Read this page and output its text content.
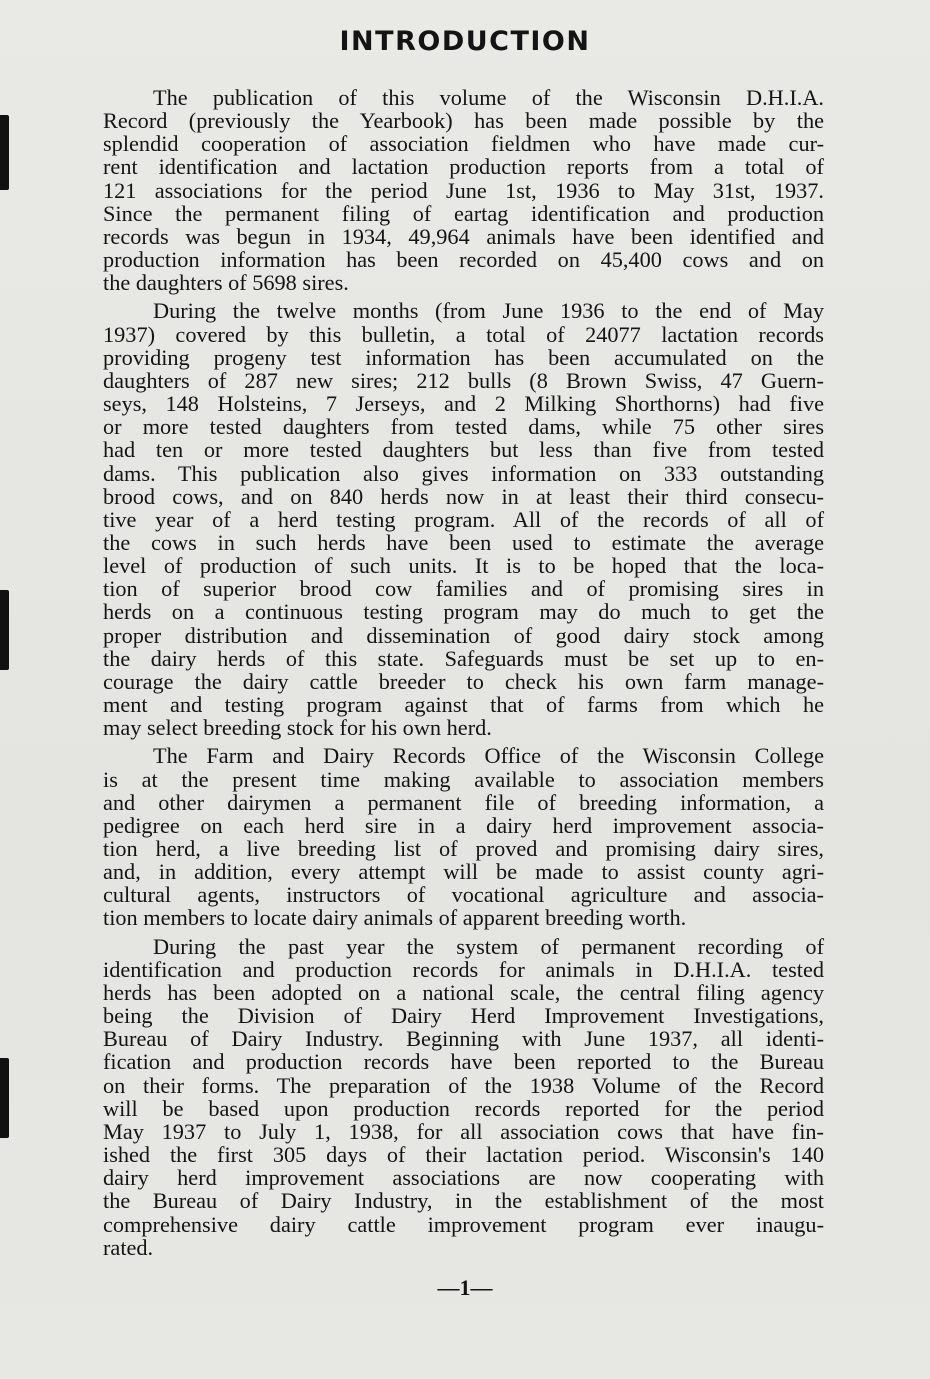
INTRODUCTION
The publication of this volume of the Wisconsin D.H.I.A.
Record (previously the Yearbook) has been made possible by the
splendid cooperation of association fieldmen who have made cur-
rent identification and lactation production reports from a total of
121 associations for the period June 1st, 1936 to May 31st, 1937.
Since the permanent filing of eartag identification and production
records was begun in 1934, 49,964 animals have been identified and
production information has been recorded on 45,400 cows and on
the daughters of 5698 sires.
During the twelve months (from June 1936 to the end of May
1937) covered by this bulletin, a total of 24077 lactation records
providing progeny test information has been accumulated on the
daughters of 287 new sires; 212 bulls (8 Brown Swiss, 47 Guern-
seys, 148 Holsteins, 7 Jerseys, and 2 Milking Shorthorns) had five
or more tested daughters from tested dams, while 75 other sires
had ten or more tested daughters but less than five from tested
dams. This publication also gives information on 333 outstanding
brood cows, and on 840 herds now in at least their third consecu-
tive year of a herd testing program. All of the records of all of
the cows in such herds have been used to estimate the average
level of production of such units. It is to be hoped that the loca-
tion of superior brood cow families and of promising sires in
herds on a continuous testing program may do much to get the
proper distribution and dissemination of good dairy stock among
the dairy herds of this state. Safeguards must be set up to en-
courage the dairy cattle breeder to check his own farm manage-
ment and testing program against that of farms from which he
may select breeding stock for his own herd.
The Farm and Dairy Records Office of the Wisconsin College
is at the present time making available to association members
and other dairymen a permanent file of breeding information, a
pedigree on each herd sire in a dairy herd improvement associa-
tion herd, a live breeding list of proved and promising dairy sires,
and, in addition, every attempt will be made to assist county agri-
cultural agents, instructors of vocational agriculture and associa-
tion members to locate dairy animals of apparent breeding worth.
During the past year the system of permanent recording of
identification and production records for animals in D.H.I.A. tested
herds has been adopted on a national scale, the central filing agency
being the Division of Dairy Herd Improvement Investigations,
Bureau of Dairy Industry. Beginning with June 1937, all identi-
fication and production records have been reported to the Bureau
on their forms. The preparation of the 1938 Volume of the Record
will be based upon production records reported for the period
May 1937 to July 1, 1938, for all association cows that have fin-
ished the first 305 days of their lactation period. Wisconsin's 140
dairy herd improvement associations are now cooperating with
the Bureau of Dairy Industry, in the establishment of the most
comprehensive dairy cattle improvement program ever inaugu-
rated.
—1—
